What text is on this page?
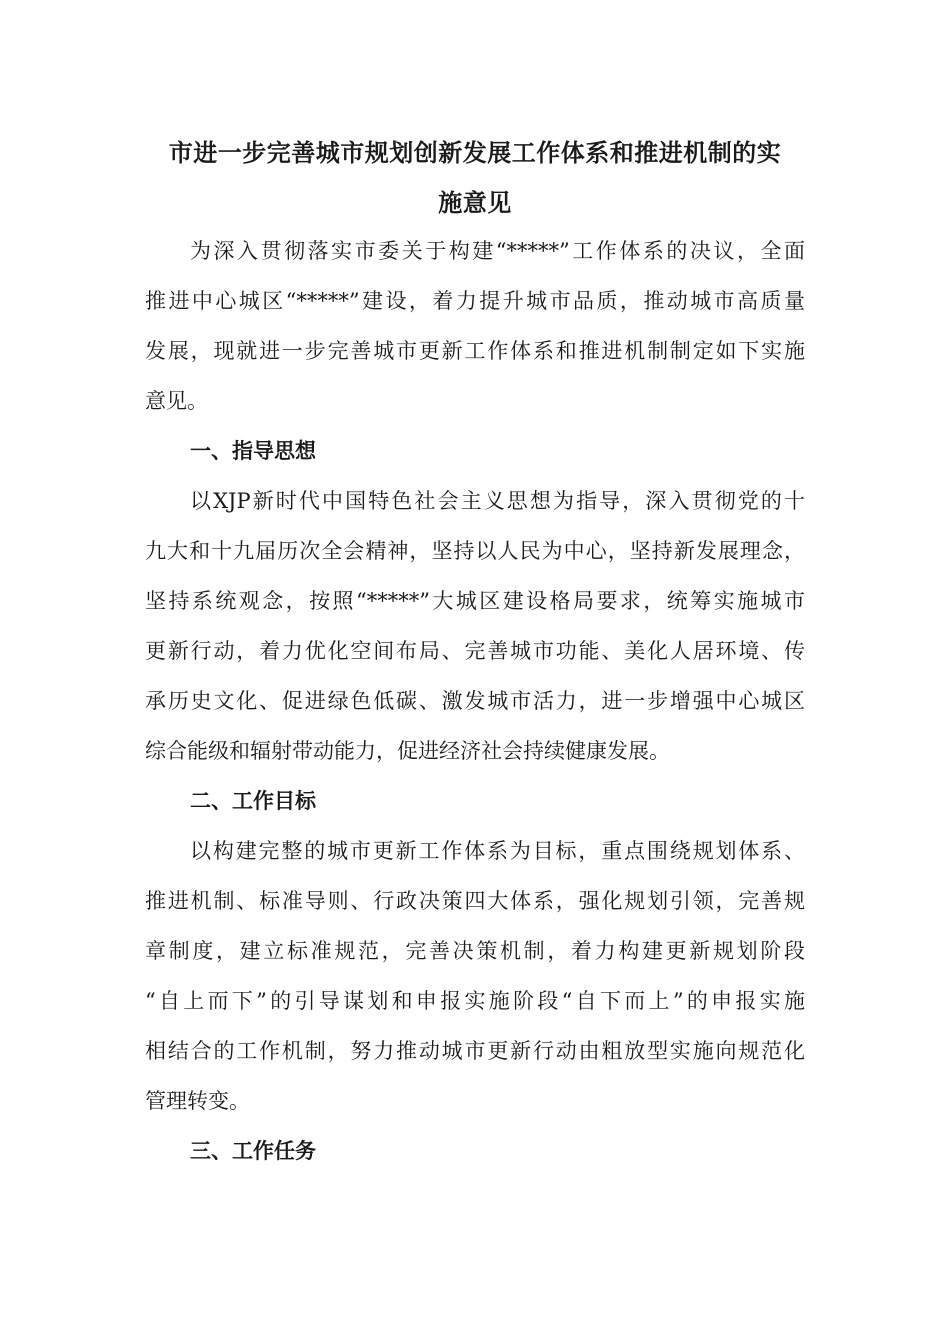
市进一步完善城市规划创新发展工作体系和推进机制的实
施意见
为深入贯彻落实市委关于构建“*****”工作体系的决议，全面
推进中心城区“*****”建设，着力提升城市品质，推动城市高质量
发展，现就进一步完善城市更新工作体系和推进机制制定如下实施
意见。
一、指导思想
以XJP新时代中国特色社会主义思想为指导，深入贯彻党的十
九大和十九届历次全会精神，坚持以人民为中心，坚持新发展理念，
坚持系统观念，按照“*****”大城区建设格局要求，统筹实施城市
更新行动，着力优化空间布局、完善城市功能、美化人居环境、传
承历史文化、促进绿色低碳、激发城市活力，进一步增强中心城区
综合能级和辐射带动能力，促进经济社会持续健康发展。
二、工作目标
以构建完整的城市更新工作体系为目标，重点围绕规划体系、
推进机制、标准导则、行政决策四大体系，强化规划引领，完善规
章制度，建立标准规范，完善决策机制，着力构建更新规划阶段
“自上而下”的引导谋划和申报实施阶段“自下而上”的申报实施
相结合的工作机制，努力推动城市更新行动由粗放型实施向规范化
管理转变。
三、工作任务
